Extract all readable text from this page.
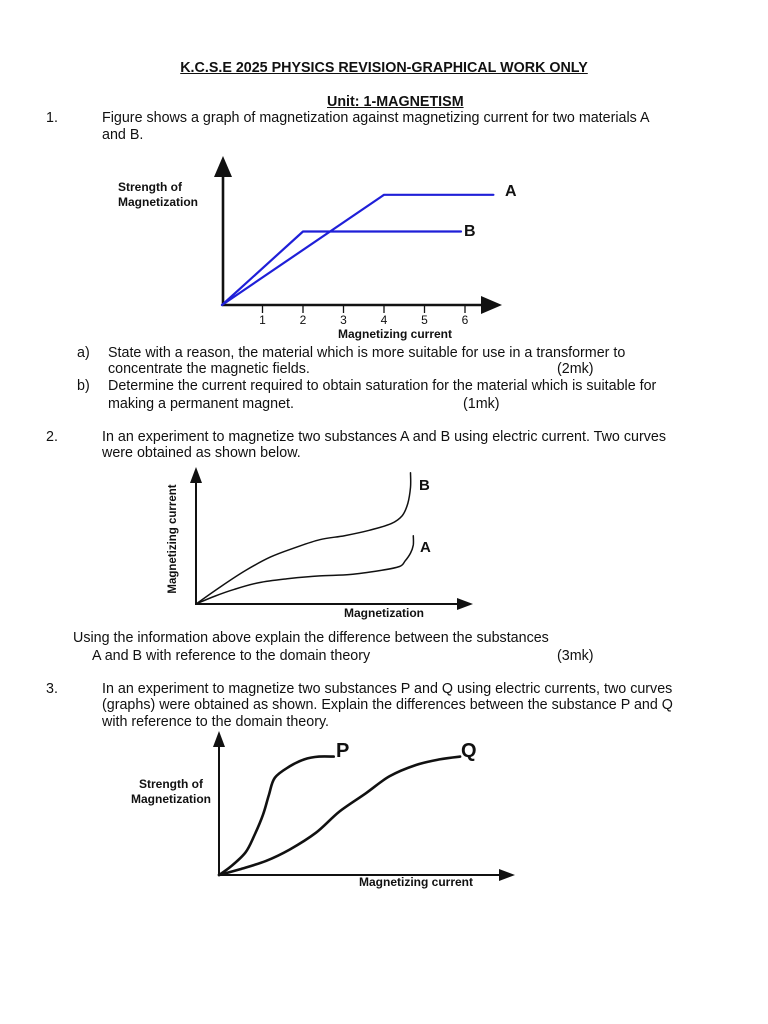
K.C.S.E 2025 PHYSICS REVISION-GRAPHICAL WORK ONLY
Unit: 1-MAGNETISM
1.	Figure shows a graph of magnetization against magnetizing current for two materials A
and B.
a) State with a reason, the material which is more suitable for use in a transformer to
concentrate the magnetic fields.	(2mk)
b) Determine the current required to obtain saturation for the material which is suitable for
making a permanent magnet.	(1mk)
2.	In an experiment to magnetize two substances A and B using electric current. Two curves
were obtained as shown below.
Using the information above explain the difference between the substances
A and B with reference to the domain theory	(3mk)
3.	In an experiment to magnetize two substances P and Q using electric currents, two curves
(graphs) were obtained as shown. Explain the differences between the substance P and Q
with reference to the domain theory.
Strength of
Magnetization
Magnetizing current
1	2	3	4	5	6
A
B
Magnetizing current
Magnetization
B
A
Strength of
Magnetization
Magnetizing current
P	Q
